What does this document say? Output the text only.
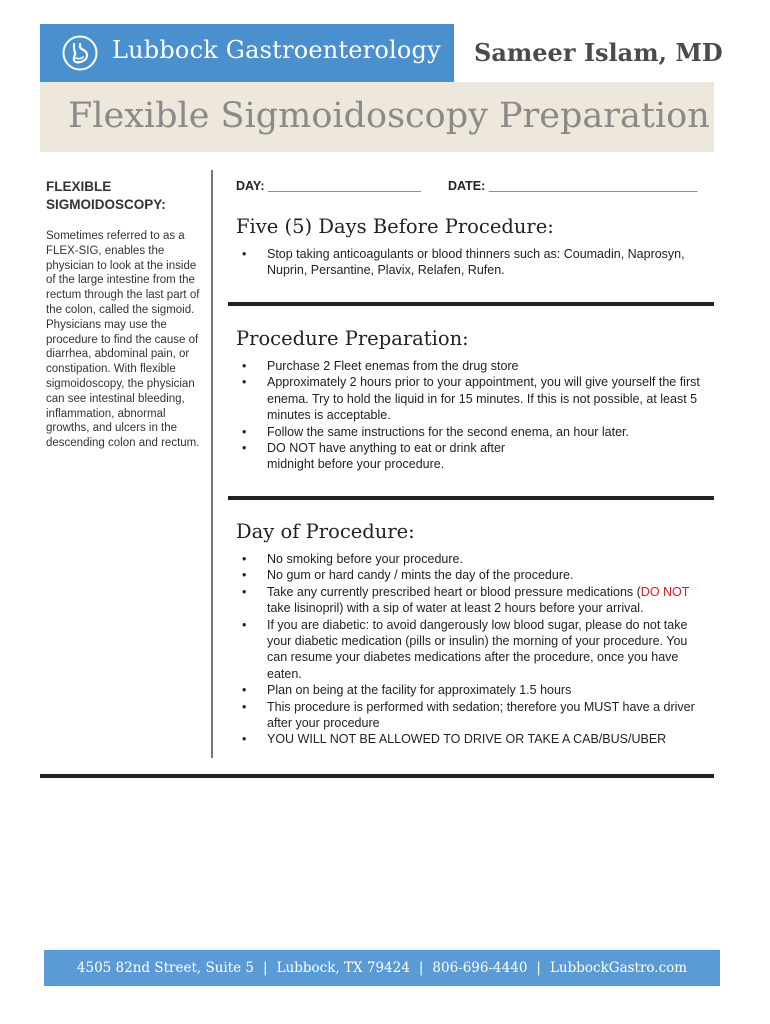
Lubbock Gastroenterology Sameer Islam, MD
Flexible Sigmoidoscopy Preparation

FLEXIBLE SIGMOIDOSCOPY:

Sometimes referred to as a FLEX-SIG, enables the physician to look at the inside of the large intestine from the rectum through the last part of the colon, called the sigmoid. Physicians may use the procedure to find the cause of diarrhea, abdominal pain, or constipation. With flexible sigmoidoscopy, the physician can see intestinal bleeding, inflammation, abnormal growths, and ulcers in the descending colon and rectum.

DAY: ______________________ DATE: ______________________________
Five (5) Days Before Procedure:
• Stop taking anticoagulants or blood thinners such as: Coumadin, Naprosyn, Nuprin, Persantine, Plavix, Relafen, Rufen.
Procedure Preparation:
• Purchase 2 Fleet enemas from the drug store
• Approximately 2 hours prior to your appointment, you will give yourself the first enema. Try to hold the liquid in for 15 minutes. If this is not possible, at least 5 minutes is acceptable.
• Follow the same instructions for the second enema, an hour later.
• DO NOT have anything to eat or drink after midnight before your procedure.
Day of Procedure:
• No smoking before your procedure.
• No gum or hard candy / mints the day of the procedure.
• Take any currently prescribed heart or blood pressure medications (DO NOT take lisinopril) with a sip of water at least 2 hours before your arrival.
• If you are diabetic: to avoid dangerously low blood sugar, please do not take your diabetic medication (pills or insulin) the morning of your procedure. You can resume your diabetes medications after the procedure, once you have eaten.
• Plan on being at the facility for approximately 1.5 hours
• This procedure is performed with sedation; therefore you MUST have a driver after your procedure
• YOU WILL NOT BE ALLOWED TO DRIVE OR TAKE A CAB/BUS/UBER
4505 82nd Street, Suite 5 | Lubbock, TX 79424 | 806-696-4440 | LubbockGastro.com
